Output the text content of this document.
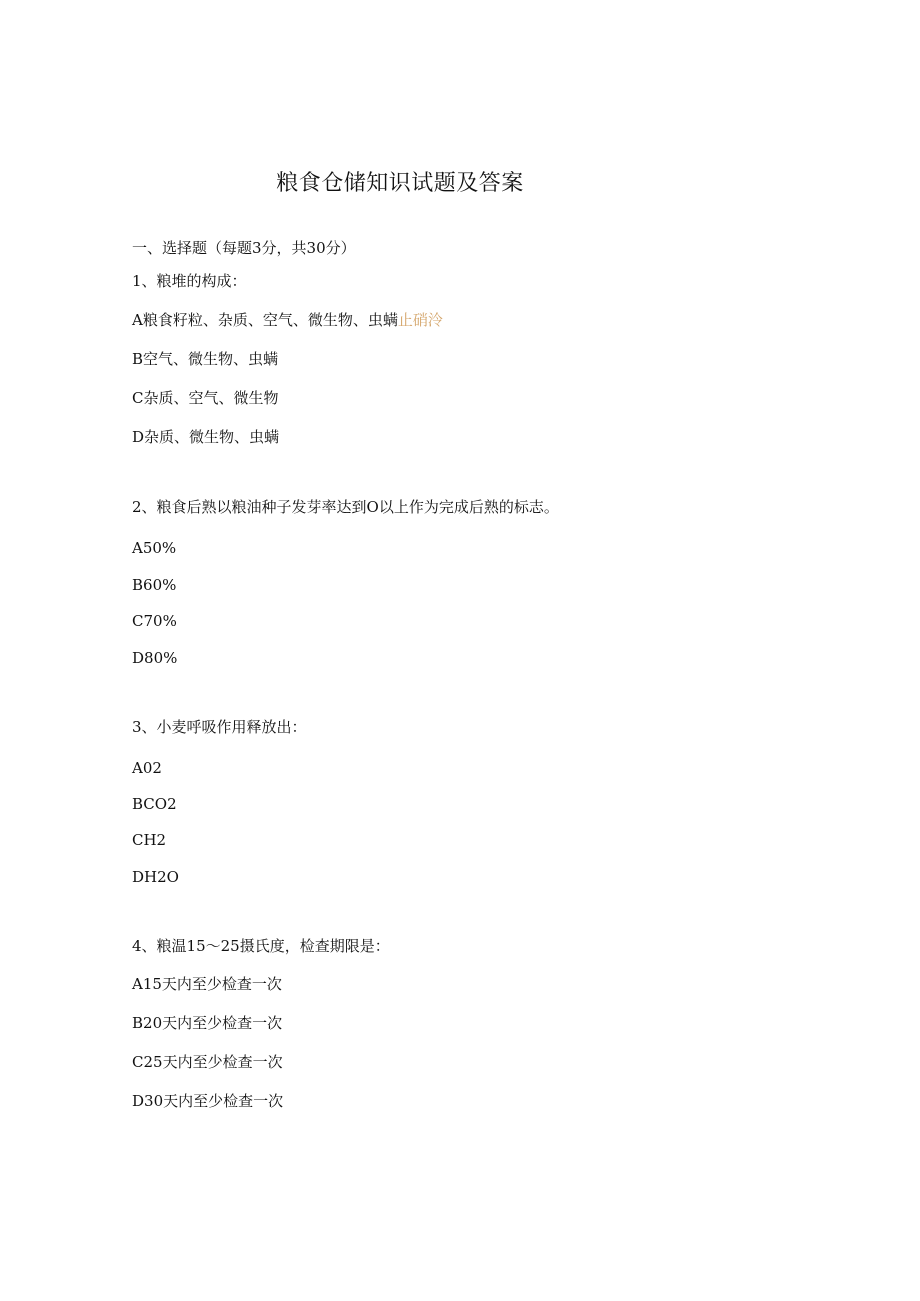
粮食仓储知识试题及答案
一、选择题（每题3分，共30分）
1、粮堆的构成：
A粮食籽粒、杂质、空气、微生物、虫螨止硝泠
B空气、微生物、虫螨
C杂质、空气、微生物
D杂质、微生物、虫螨
2、粮食后熟以粮油种子发芽率达到O以上作为完成后熟的标志。
A50%
B60%
C70%
D80%
3、小麦呼吸作用释放出：
A02
BCO2
CH2
DH2O
4、粮温15～25摄氏度，检查期限是：
A15天内至少检查一次
B20天内至少检查一次
C25天内至少检查一次
D30天内至少检查一次
